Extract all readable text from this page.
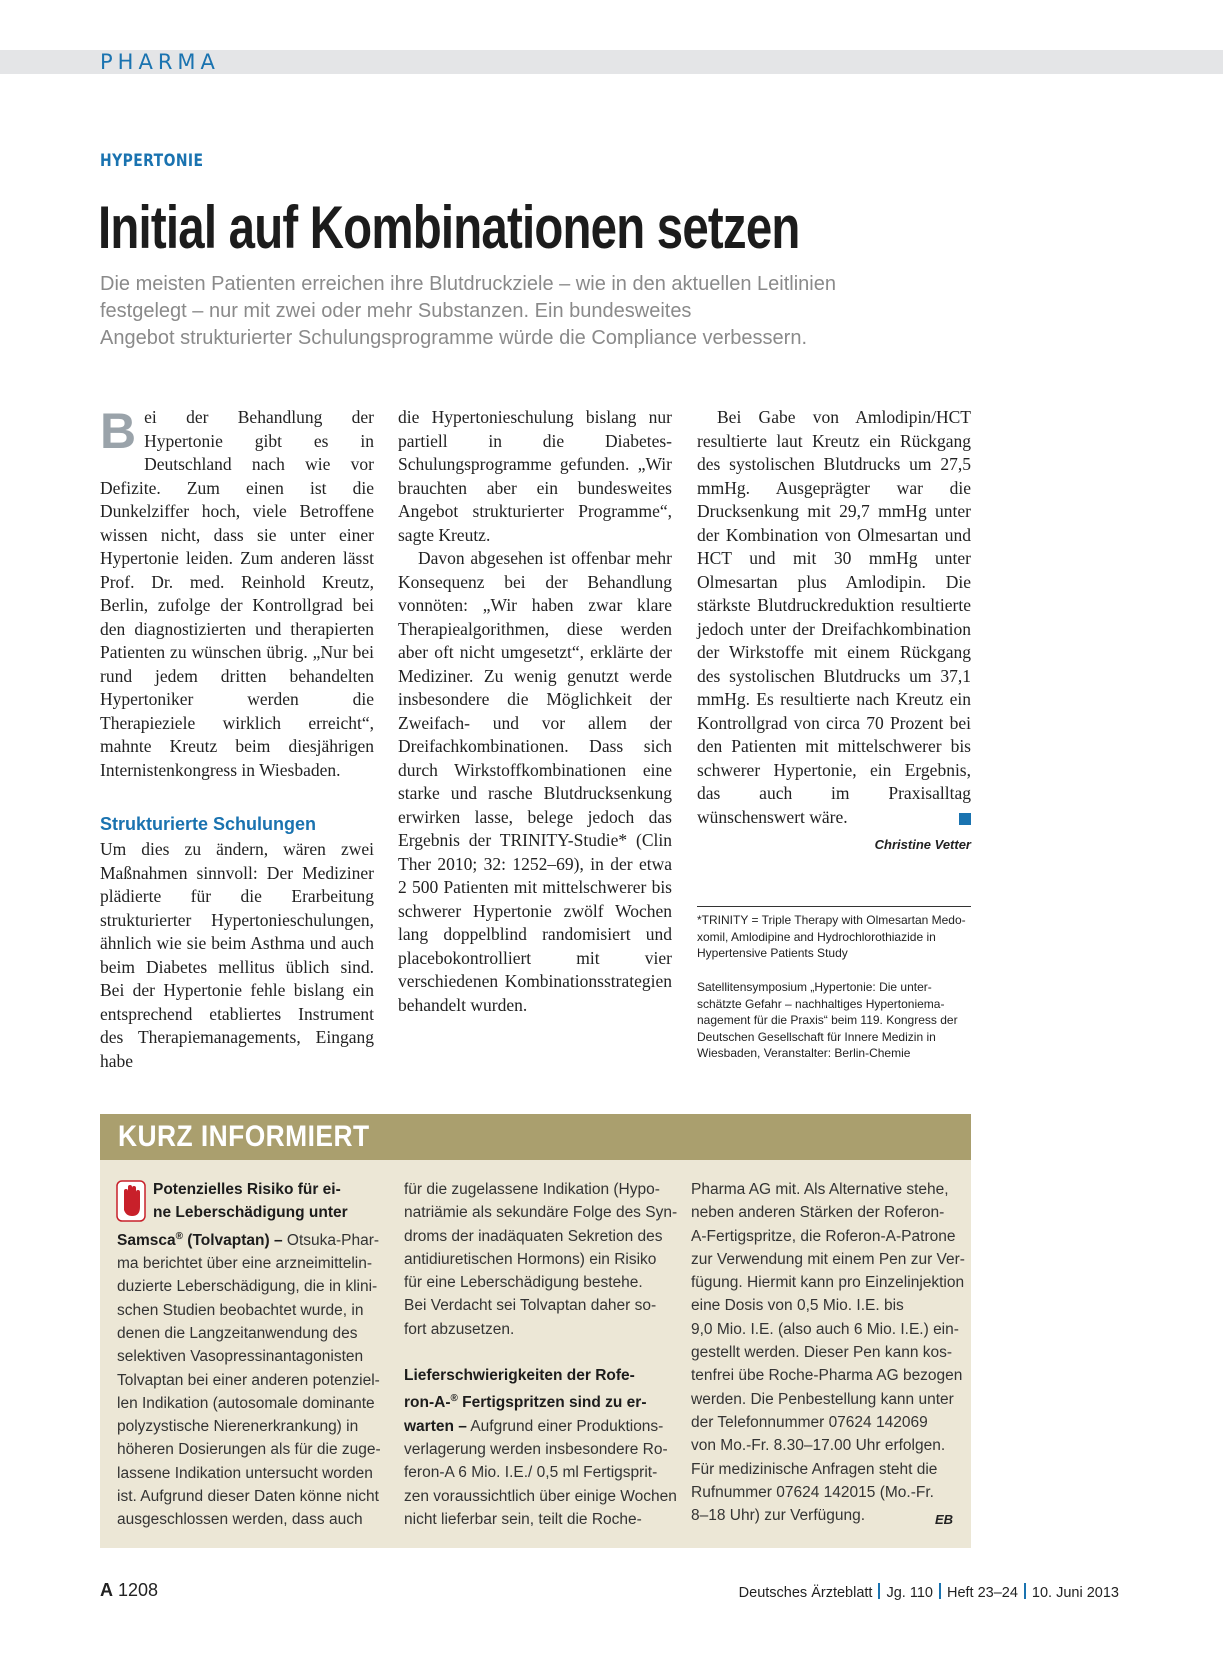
PHARMA
HYPERTONIE
Initial auf Kombinationen setzen
Die meisten Patienten erreichen ihre Blutdruckziele – wie in den aktuellen Leitlinien
festgelegt – nur mit zwei oder mehr Substanzen. Ein bundesweites
Angebot strukturierter Schulungsprogramme würde die Compliance verbessern.

Bei der Behandlung der Hypertonie gibt es in Deutschland nach wie vor Defizite. Zum einen ist die Dunkelziffer hoch, viele Betroffene wissen nicht, dass sie unter einer Hypertonie leiden. Zum anderen lässt Prof. Dr. med. Reinhold Kreutz, Berlin, zufolge der Kontrollgrad bei den diagnostizierten und therapierten Patienten zu wünschen übrig. „Nur bei rund jedem dritten behandelten Hypertoniker werden die Therapieziele wirklich erreicht“, mahnte Kreutz beim diesjährigen Internistenkongress in Wiesbaden.

Strukturierte Schulungen

Um dies zu ändern, wären zwei Maßnahmen sinnvoll: Der Mediziner plädierte für die Erarbeitung strukturierter Hypertonieschulungen, ähnlich wie sie beim Asthma und auch beim Diabetes mellitus üblich sind. Bei der Hypertonie fehle bislang ein entsprechend etabliertes Instrument des Therapiemanagements, Eingang habe

die Hypertonieschulung bislang nur partiell in die Diabetes-Schulungsprogramme gefunden. „Wir brauchten aber ein bundesweites Angebot strukturierter Programme“, sagte Kreutz.

Davon abgesehen ist offenbar mehr Konsequenz bei der Behandlung vonnöten: „Wir haben zwar klare Therapiealgorithmen, diese werden aber oft nicht umgesetzt“, erklärte der Mediziner. Zu wenig genutzt werde insbesondere die Möglichkeit der Zweifach- und vor allem der Dreifachkombinationen. Dass sich durch Wirkstoffkombinationen eine starke und rasche Blutdrucksenkung erwirken lasse, belege jedoch das Ergebnis der TRINITY-Studie* (Clin Ther 2010; 32: 1252–69), in der etwa 2 500 Patienten mit mittelschwerer bis schwerer Hypertonie zwölf Wochen lang doppelblind randomisiert und placebokontrolliert mit vier verschiedenen Kombinationsstrategien behandelt wurden.

Bei Gabe von Amlodipin/HCT resultierte laut Kreutz ein Rückgang des systolischen Blutdrucks um 27,5 mmHg. Ausgeprägter war die Drucksenkung mit 29,7 mmHg unter der Kombination von Olmesartan und HCT und mit 30 mmHg unter Olmesartan plus Amlodipin. Die stärkste Blutdruckreduktion resultierte jedoch unter der Dreifachkombination der Wirkstoffe mit einem Rückgang des systolischen Blutdrucks um 37,1 mmHg. Es resultierte nach Kreutz ein Kontrollgrad von circa 70 Prozent bei den Patienten mit mittelschwerer bis schwerer Hypertonie, ein Ergebnis, das auch im Praxisalltag wünschenswert wäre.

Christine Vetter
*TRINITY = Triple Therapy with Olmesartan Medo-
xomil, Amlodipine and Hydrochlorothiazide in
Hypertensive Patients Study
Satellitensymposium „Hypertonie: Die unter-
schätzte Gefahr – nachhaltiges Hypertoniema-
nagement für die Praxis“ beim 119. Kongress der
Deutschen Gesellschaft für Innere Medizin in
Wiesbaden, Veranstalter: Berlin-Chemie
KURZ INFORMIERT
Potenzielles Risiko für ei-
ne Leberschädigung unter
Samsca® (Tolvaptan) – Otsuka-Phar-
ma berichtet über eine arzneimittelin-
duzierte Leberschädigung, die in klini-
schen Studien beobachtet wurde, in
denen die Langzeitanwendung des
selektiven Vasopressinantagonisten
Tolvaptan bei einer anderen potenziel-
len Indikation (autosomale dominante
polyzystische Nierenerkrankung) in
höheren Dosierungen als für die zuge-
lassene Indikation untersucht worden
ist. Aufgrund dieser Daten könne nicht
ausgeschlossen werden, dass auch
für die zugelassene Indikation (Hypo-
natriämie als sekundäre Folge des Syn-
droms der inadäquaten Sekretion des
antidiuretischen Hormons) ein Risiko
für eine Leberschädigung bestehe.
Bei Verdacht sei Tolvaptan daher so-
fort abzusetzen.
Lieferschwierigkeiten der Rofe-
ron-A-® Fertigspritzen sind zu er-
warten – Aufgrund einer Produktions-
verlagerung werden insbesondere Ro-
feron-A 6 Mio. I.E./ 0,5 ml Fertigsprit-
zen voraussichtlich über einige Wochen
nicht lieferbar sein, teilt die Roche-
Pharma AG mit. Als Alternative stehe,
neben anderen Stärken der Roferon-
A-Fertigspritze, die Roferon-A-Patrone
zur Verwendung mit einem Pen zur Ver-
fügung. Hiermit kann pro Einzelinjektion
eine Dosis von 0,5 Mio. I.E. bis
9,0 Mio. I.E. (also auch 6 Mio. I.E.) ein-
gestellt werden. Dieser Pen kann kos-
tenfrei übe Roche-Pharma AG bezogen
werden. Die Penbestellung kann unter
der Telefonnummer 07624 142069
von Mo.-Fr. 8.30–17.00 Uhr erfolgen.
Für medizinische Anfragen steht die
Rufnummer 07624 142015 (Mo.-Fr.
8–18 Uhr) zur Verfügung.	EB
A 1208	Deutsches Ärzteblatt Jg. 110 Heft 23–24 10. Juni 2013
